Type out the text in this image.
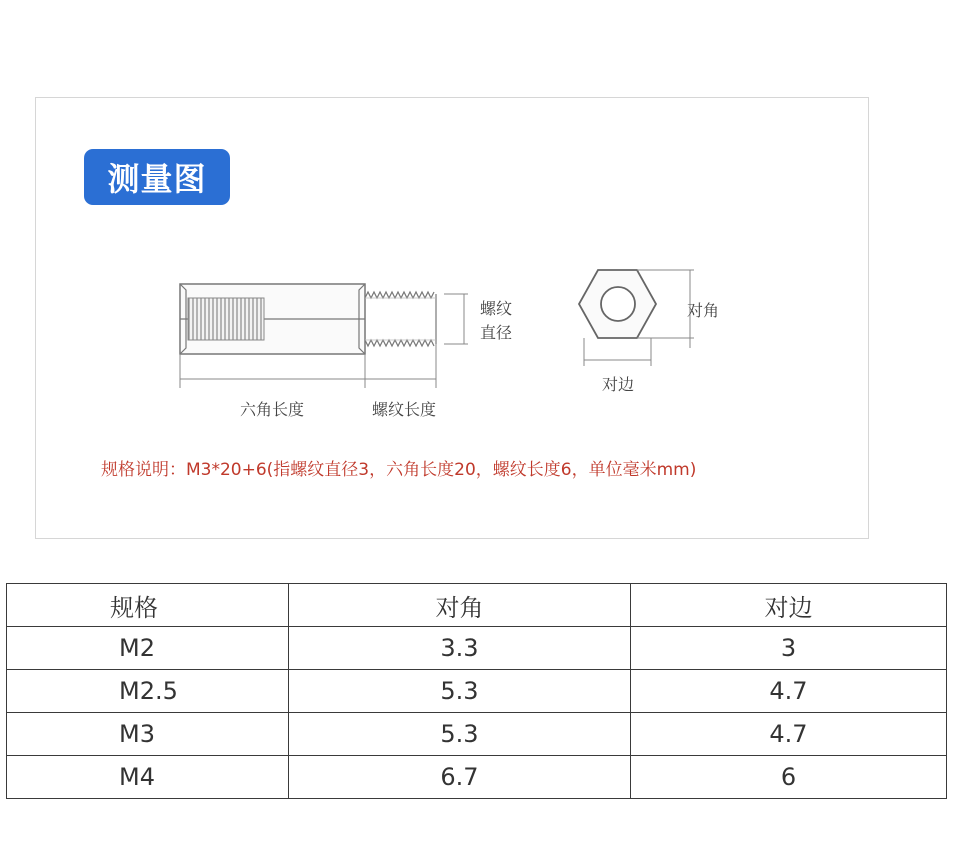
测量图
螺纹
直径
六角长度	螺纹长度
对角
对边
规格说明：M3*20+6(指螺纹直径3，六角长度20，螺纹长度6，单位毫米mm)
规格	对角	对边
M2	3.3	3
M2.5	5.3	4.7
M3	5.3	4.7
M4	6.7	6
